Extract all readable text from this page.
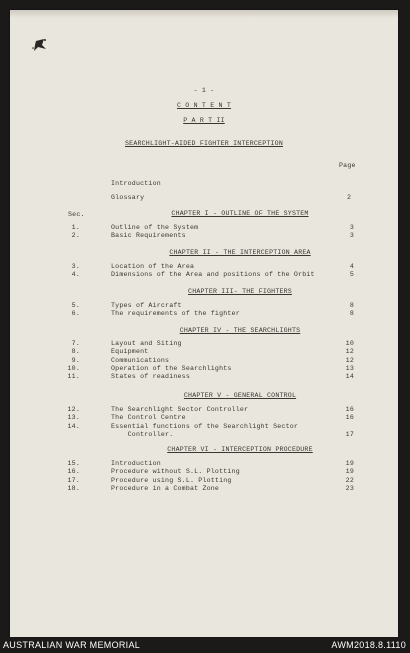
- 1 -
C O N T E N T
P A R T II
SEARCHLIGHT-AIDED FIGHTER INTERCEPTION
Page
Introduction
Glossary	2
Sec.	CHAPTER I - OUTLINE OF THE SYSTEM
1.	Outline of the System	3
2.	Basic Requirements	3
CHAPTER II - THE INTERCEPTION AREA
3.	Location of the Area	4
4.	Dimensions of the Area and positions of the Orbit	5
CHAPTER III- THE FIGHTERS
5.	Types of Aircraft	8
6.	The requirements of the fighter	8
CHAPTER IV - THE SEARCHLIGHTS
7.	Layout and Siting	10
8.	Equipment	12
9.	Communications	12
10.	Operation of the Searchlights	13
11.	States of readiness	14
CHAPTER V - GENERAL CONTROL
12.	The Searchlight Sector Controller	16
13.	The Control Centre	16
14.	Essential functions of the Searchlight Sector
Controller.	17
CHAPTER VI - INTERCEPTION PROCEDURE
15.	Introduction	19
16.	Procedure without S.L. Plotting	19
17.	Procedure using S.L. Plotting	22
18.	Procedure in a Combat Zone	23
AUSTRALIAN WAR MEMORIAL	AWM2018.8.1110
